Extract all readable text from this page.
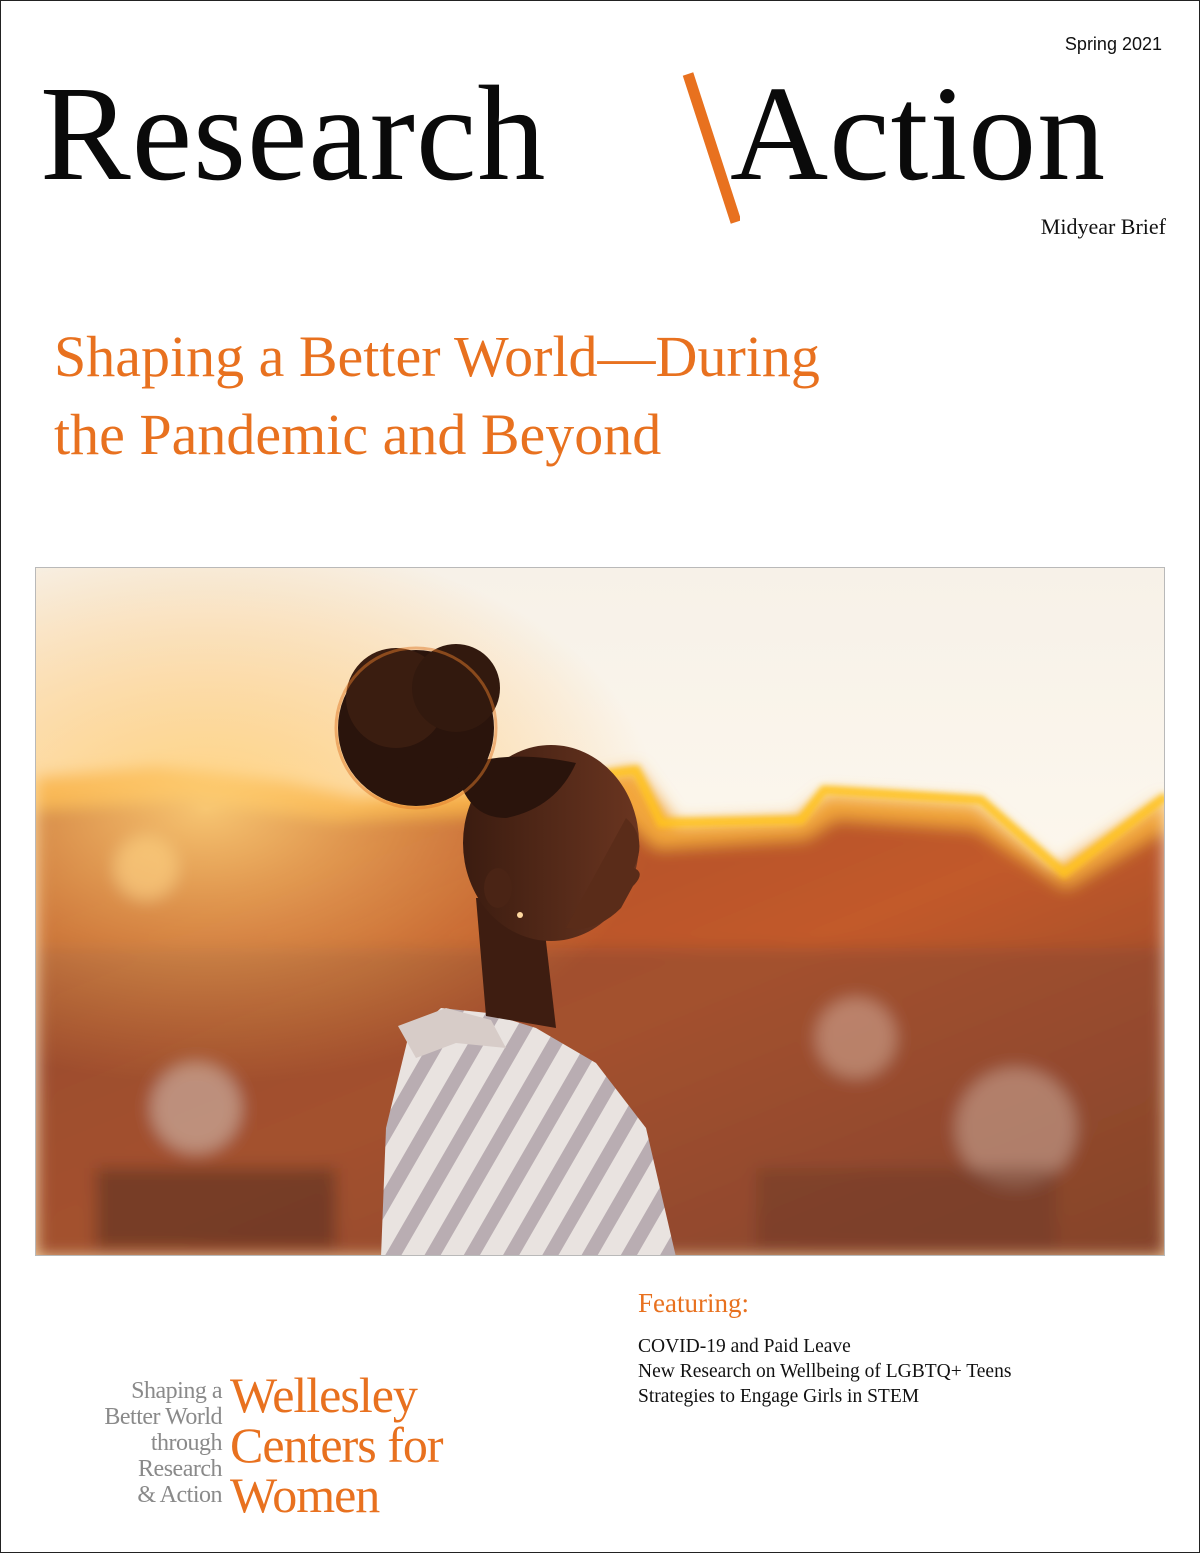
Spring 2021
Research Action
Midyear Brief
Shaping a Better World—During
the Pandemic and Beyond
Featuring:
COVID-19 and Paid Leave
New Research on Wellbeing of LGBTQ+ Teens
Strategies to Engage Girls in STEM
Shaping a
Better World
through
Research
& Action
Wellesley
Centers for
Women
